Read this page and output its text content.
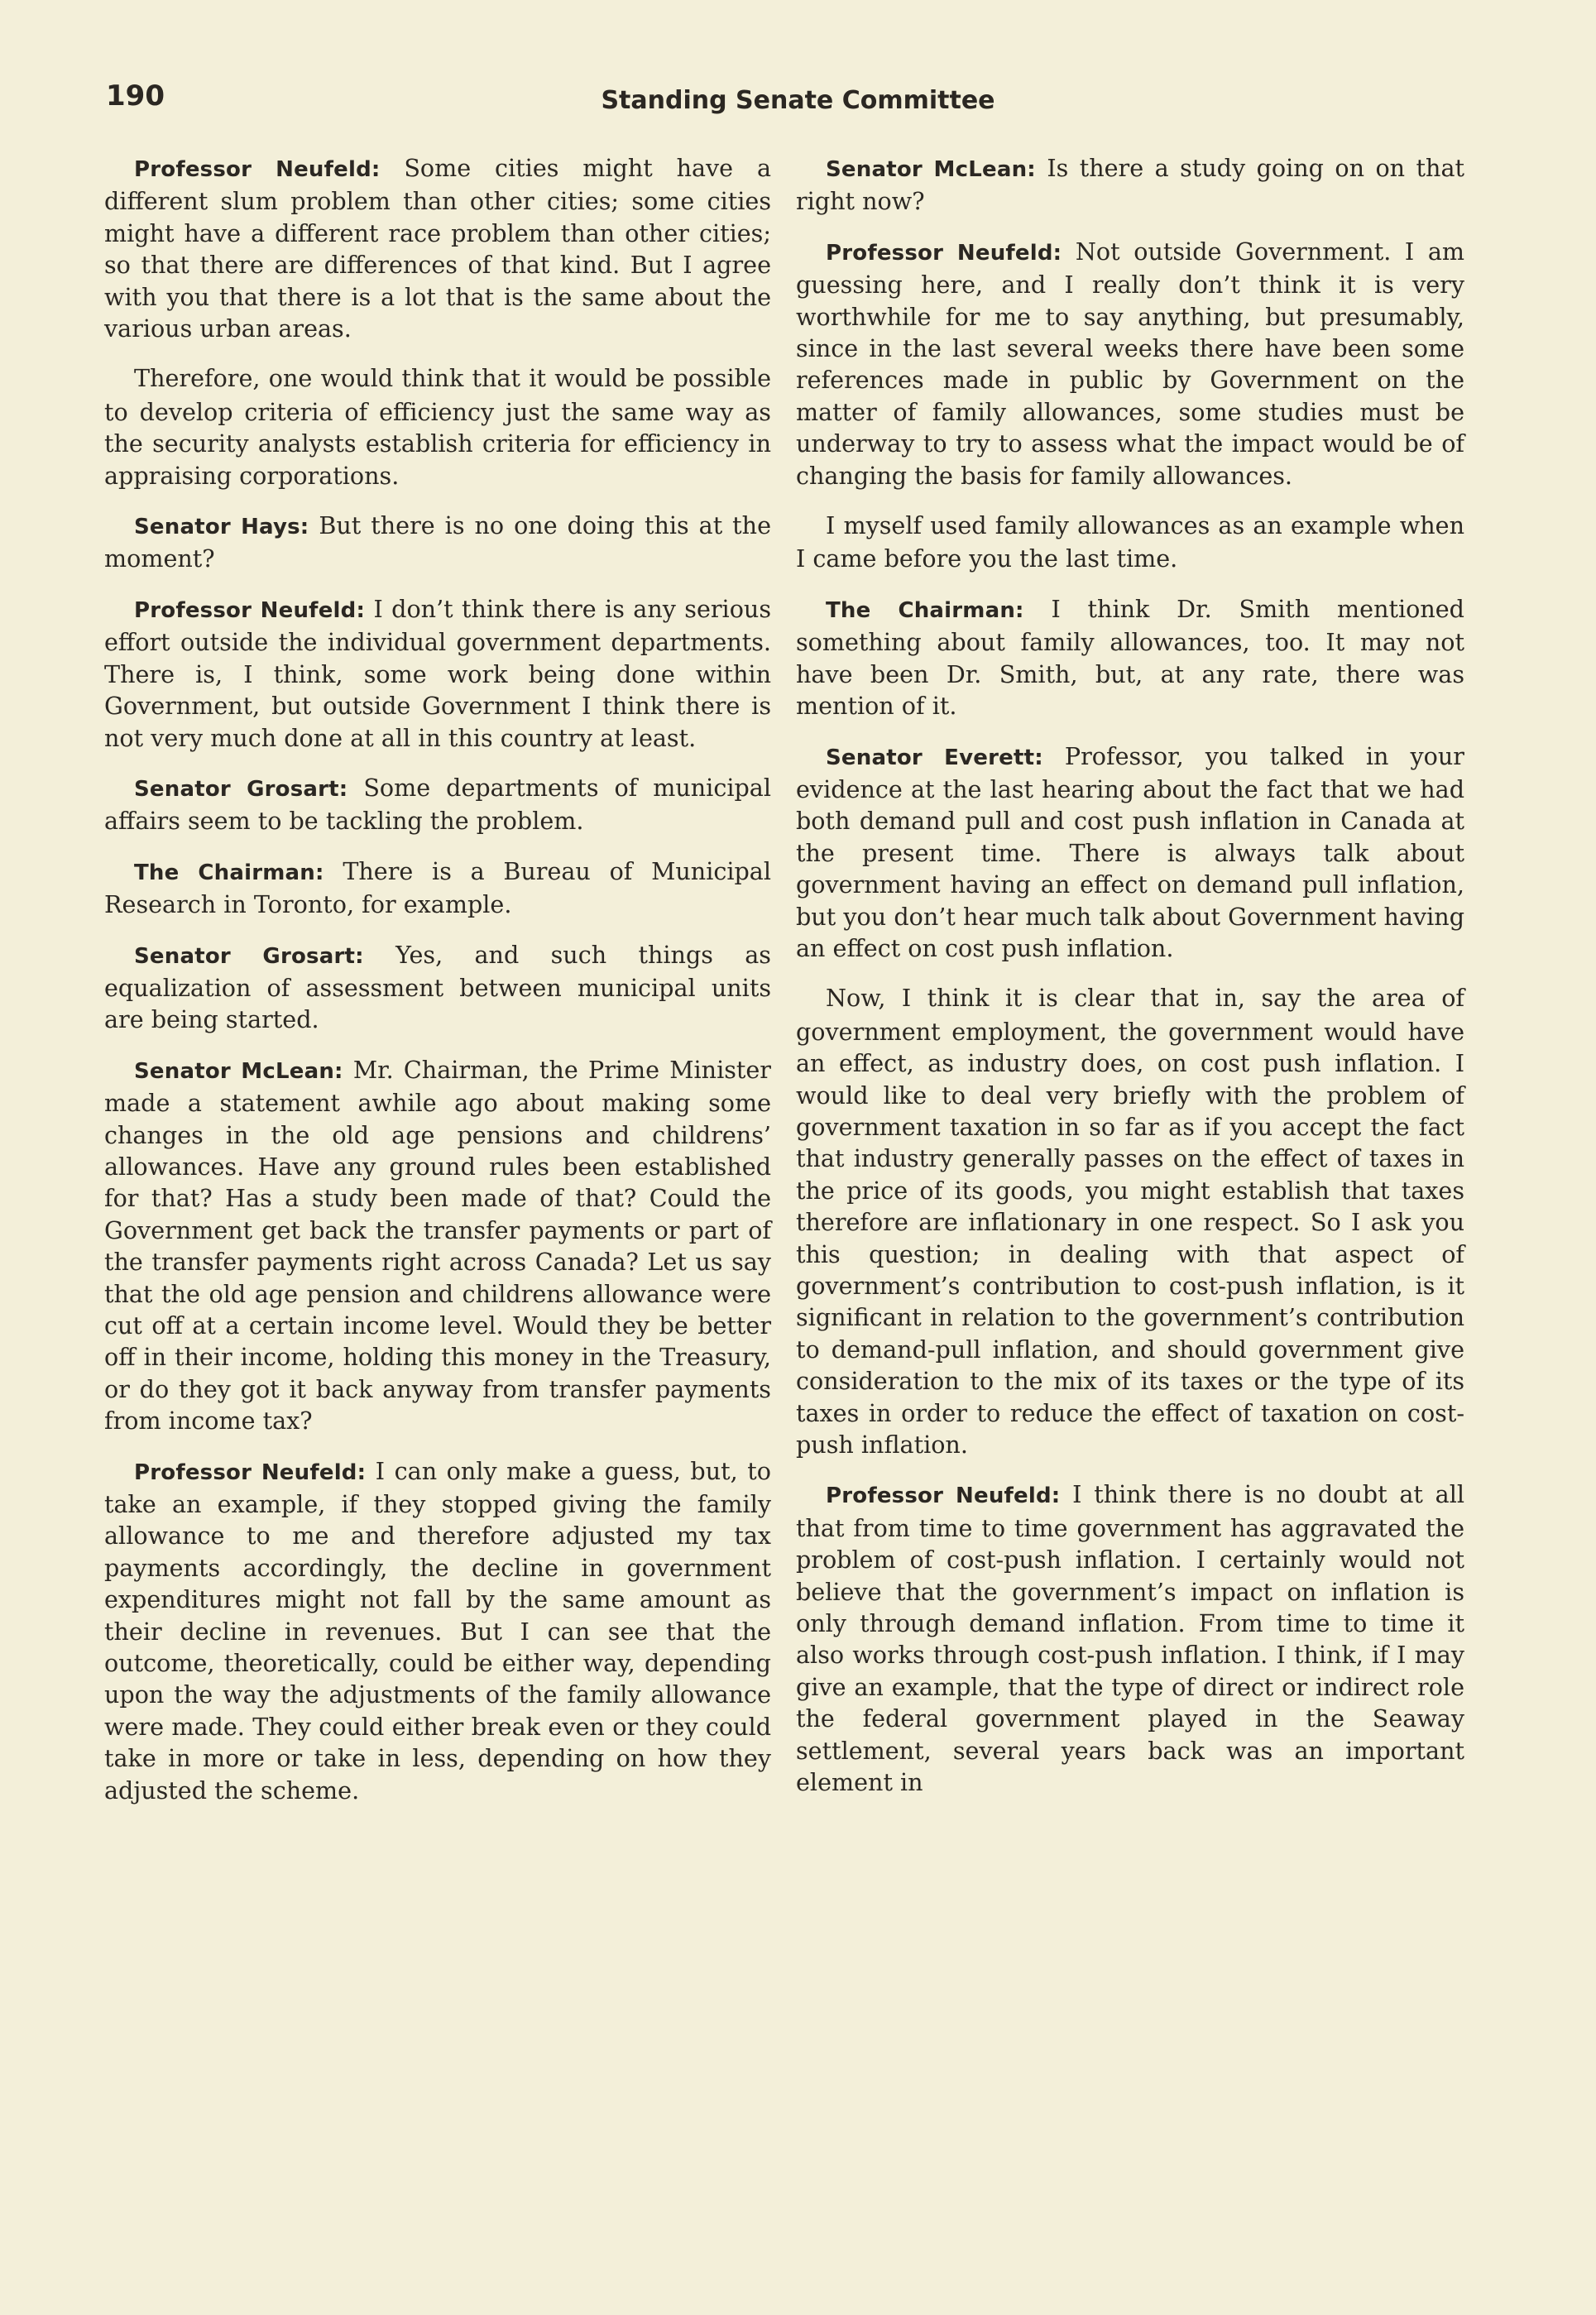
190	Standing Senate Committee

Professor Neufeld: Some cities might have a different slum problem than other cities; some cities might have a different race problem than other cities; so that there are differences of that kind. But I agree with you that there is a lot that is the same about the various urban areas.

Therefore, one would think that it would be possible to develop criteria of efficiency just the same way as the security analysts establish criteria for efficiency in appraising corporations.

Senator Hays: But there is no one doing this at the moment?

Professor Neufeld: I don’t think there is any serious effort outside the individual government departments. There is, I think, some work being done within Government, but outside Government I think there is not very much done at all in this country at least.

Senator Grosart: Some departments of municipal affairs seem to be tackling the problem.

The Chairman: There is a Bureau of Municipal Research in Toronto, for example.

Senator Grosart: Yes, and such things as equalization of assessment between municipal units are being started.

Senator McLean: Mr. Chairman, the Prime Minister made a statement awhile ago about making some changes in the old age pensions and childrens’ allowances. Have any ground rules been established for that? Has a study been made of that? Could the Government get back the transfer payments or part of the transfer payments right across Canada? Let us say that the old age pension and childrens allowance were cut off at a certain income level. Would they be better off in their income, holding this money in the Treasury, or do they got it back anyway from transfer payments from income tax?

Professor Neufeld: I can only make a guess, but, to take an example, if they stopped giving the family allowance to me and therefore adjusted my tax payments accordingly, the decline in government expenditures might not fall by the same amount as their decline in revenues. But I can see that the outcome, theoretically, could be either way, depending upon the way the adjustments of the family allowance were made. They could either break even or they could take in more or take in less, depending on how they adjusted the scheme.

Senator McLean: Is there a study going on on that right now?

Professor Neufeld: Not outside Government. I am guessing here, and I really don’t think it is very worthwhile for me to say anything, but presumably, since in the last several weeks there have been some references made in public by Government on the matter of family allowances, some studies must be underway to try to assess what the impact would be of changing the basis for family allowances.

I myself used family allowances as an example when I came before you the last time.

The Chairman: I think Dr. Smith mentioned something about family allowances, too. It may not have been Dr. Smith, but, at any rate, there was mention of it.

Senator Everett: Professor, you talked in your evidence at the last hearing about the fact that we had both demand pull and cost push inflation in Canada at the present time. There is always talk about government having an effect on demand pull inflation, but you don’t hear much talk about Government having an effect on cost push inflation.

Now, I think it is clear that in, say the area of government employment, the government would have an effect, as industry does, on cost push inflation. I would like to deal very briefly with the problem of government taxation in so far as if you accept the fact that industry generally passes on the effect of taxes in the price of its goods, you might establish that taxes therefore are inflationary in one respect. So I ask you this question; in dealing with that aspect of government’s contribution to cost-push inflation, is it significant in relation to the government’s contribution to demand-pull inflation, and should government give consideration to the mix of its taxes or the type of its taxes in order to reduce the effect of taxation on cost-push inflation.

Professor Neufeld: I think there is no doubt at all that from time to time government has aggravated the problem of cost-push inflation. I certainly would not believe that the government’s impact on inflation is only through demand inflation. From time to time it also works through cost-push inflation. I think, if I may give an example, that the type of direct or indirect role the federal government played in the Seaway settlement, several years back was an important element in
